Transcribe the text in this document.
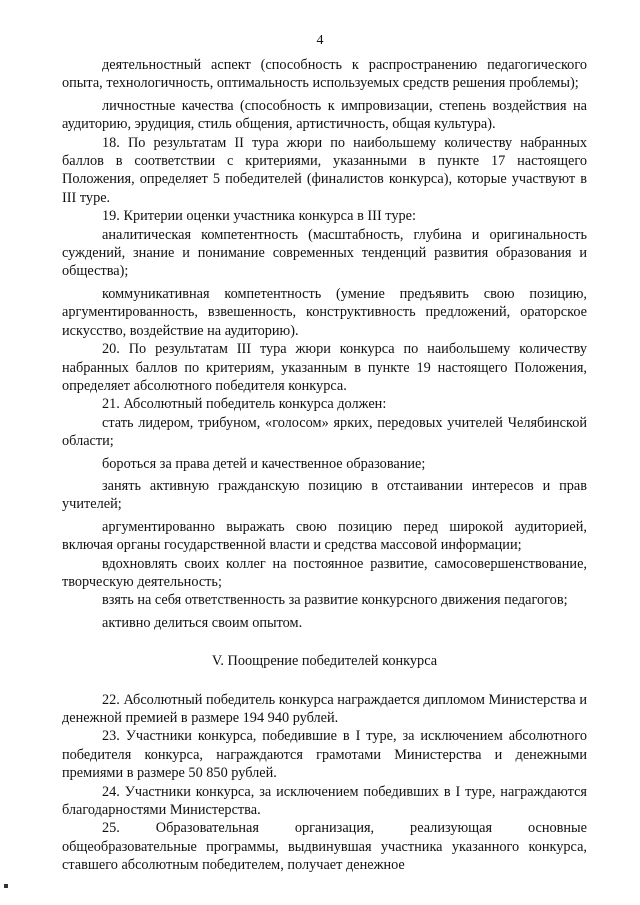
4

деятельностный аспект (способность к распространению педагогического опыта, технологичность, оптимальность используемых средств решения проблемы);

личностные качества (способность к импровизации, степень воздействия на аудиторию, эрудиция, стиль общения, артистичность, общая культура).

18. По результатам II тура жюри по наибольшему количеству набранных баллов в соответствии с критериями, указанными в пункте 17 настоящего Положения, определяет 5 победителей (финалистов конкурса), которые участвуют в III туре.

19. Критерии оценки участника конкурса в III туре:

аналитическая компетентность (масштабность, глубина и оригинальность суждений, знание и понимание современных тенденций развития образования и общества);

коммуникативная компетентность (умение предъявить свою позицию, аргументированность, взвешенность, конструктивность предложений, ораторское искусство, воздействие на аудиторию).

20. По результатам III тура жюри конкурса по наибольшему количеству набранных баллов по критериям, указанным в пункте 19 настоящего Положения, определяет абсолютного победителя конкурса.

21. Абсолютный победитель конкурса должен:

стать лидером, трибуном, «голосом» ярких, передовых учителей Челябинской области;

бороться за права детей и качественное образование;

занять активную гражданскую позицию в отстаивании интересов и прав учителей;

аргументированно выражать свою позицию перед широкой аудиторией, включая органы государственной власти и средства массовой информации;

вдохновлять своих коллег на постоянное развитие, самосовершенствование, творческую деятельность;

взять на себя ответственность за развитие конкурсного движения педагогов;

активно делиться своим опытом.

V. Поощрение победителей конкурса

22. Абсолютный победитель конкурса награждается дипломом Министерства и денежной премией в размере 194 940 рублей.

23. Участники конкурса, победившие в I туре, за исключением абсолютного победителя конкурса, награждаются грамотами Министерства и денежными премиями в размере 50 850 рублей.

24. Участники конкурса, за исключением победивших в I туре, награждаются благодарностями Министерства.

25. Образовательная организация, реализующая основные общеобразовательные программы, выдвинувшая участника указанного конкурса, ставшего абсолютным победителем, получает денежное
